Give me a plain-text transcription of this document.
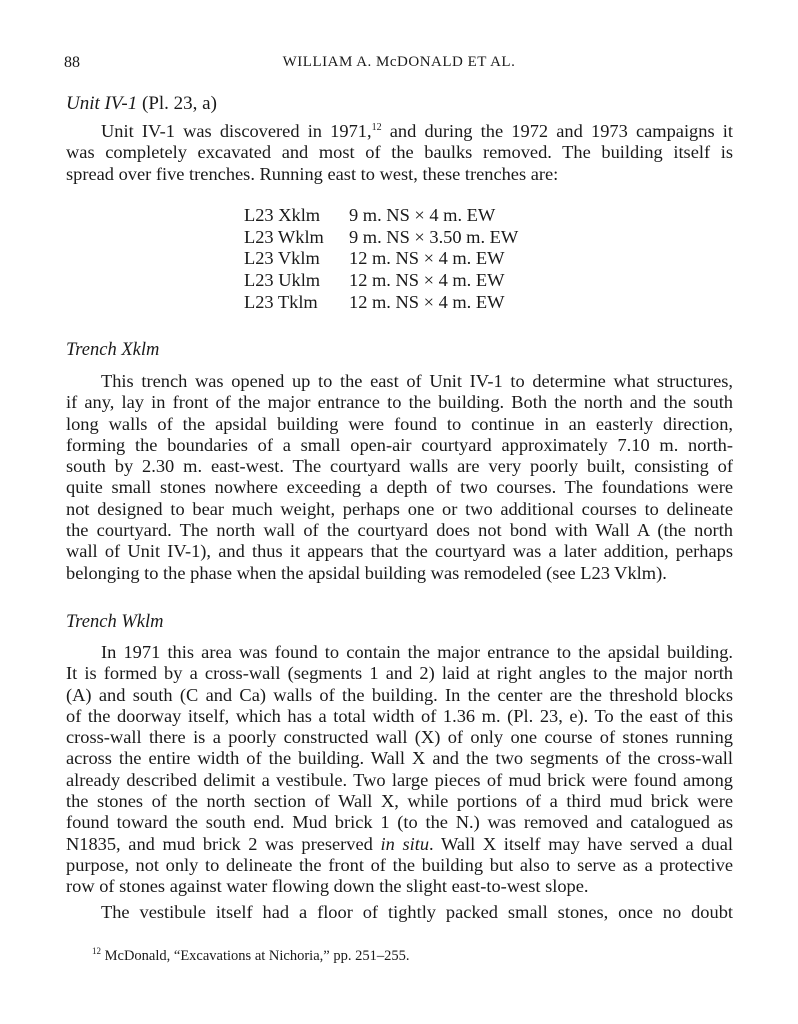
88	WILLIAM A. McDONALD ET AL.
Unit IV-1 (Pl. 23, a)

Unit IV-1 was discovered in 1971,12 and during the 1972 and 1973 campaigns it
was completely excavated and most of the baulks removed. The building itself is
spread over five trenches. Running east to west, these trenches are:

L23 Xklm	9 m. NS × 4 m. EW
L23 Wklm	9 m. NS × 3.50 m. EW
L23 Vklm	12 m. NS × 4 m. EW
L23 Uklm	12 m. NS × 4 m. EW
L23 Tklm	12 m. NS × 4 m. EW
Trench Xklm

This trench was opened up to the east of Unit IV-1 to determine what structures,
if any, lay in front of the major entrance to the building. Both the north and the south
long walls of the apsidal building were found to continue in an easterly direction,
forming the boundaries of a small open-air courtyard approximately 7.10 m. north-
south by 2.30 m. east-west. The courtyard walls are very poorly built, consisting of
quite small stones nowhere exceeding a depth of two courses. The foundations were
not designed to bear much weight, perhaps one or two additional courses to delineate
the courtyard. The north wall of the courtyard does not bond with Wall A (the north
wall of Unit IV-1), and thus it appears that the courtyard was a later addition, perhaps
belonging to the phase when the apsidal building was remodeled (see L23 Vklm).

Trench Wklm

In 1971 this area was found to contain the major entrance to the apsidal building.
It is formed by a cross-wall (segments 1 and 2) laid at right angles to the major north
(A) and south (C and Ca) walls of the building. In the center are the threshold blocks
of the doorway itself, which has a total width of 1.36 m. (Pl. 23, e). To the east of this
cross-wall there is a poorly constructed wall (X) of only one course of stones running
across the entire width of the building. Wall X and the two segments of the cross-wall
already described delimit a vestibule. Two large pieces of mud brick were found among
the stones of the north section of Wall X, while portions of a third mud brick were
found toward the south end. Mud brick 1 (to the N.) was removed and catalogued as
N1835, and mud brick 2 was preserved in situ. Wall X itself may have served a dual
purpose, not only to delineate the front of the building but also to serve as a protective
row of stones against water flowing down the slight east-to-west slope.

The vestibule itself had a floor of tightly packed small stones, once no doubt

$^{12}$ McDonald, “Excavations at Nichoria,” pp. 251–255.
